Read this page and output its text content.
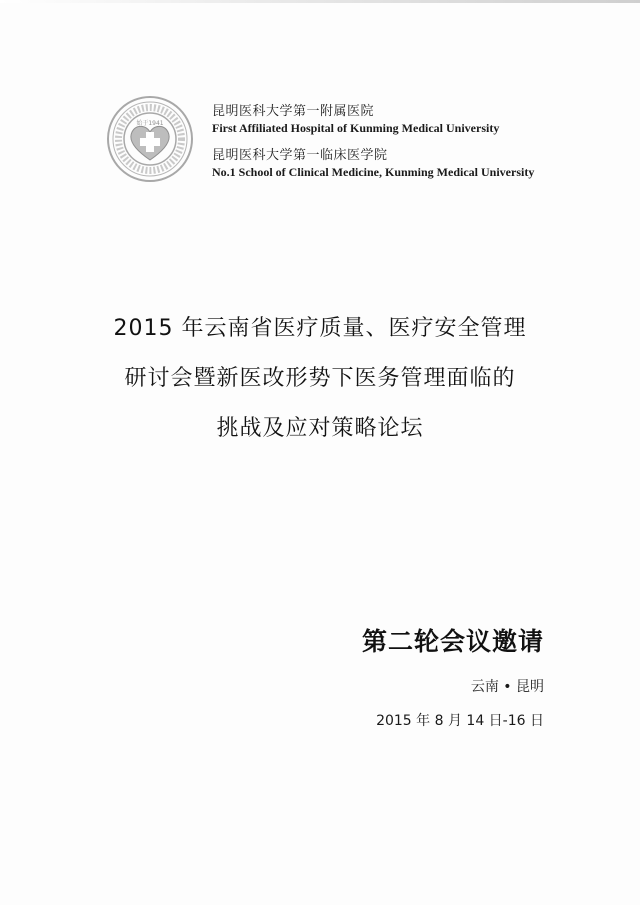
始于1941
昆明医科大学第一附属医院
First Affiliated Hospital of Kunming Medical University
昆明医科大学第一临床医学院
No.1 School of Clinical Medicine, Kunming Medical University
2015 年云南省医疗质量、医疗安全管理
研讨会暨新医改形势下医务管理面临的
挑战及应对策略论坛
第二轮会议邀请
云南 • 昆明
2015 年 8 月 14 日-16 日
